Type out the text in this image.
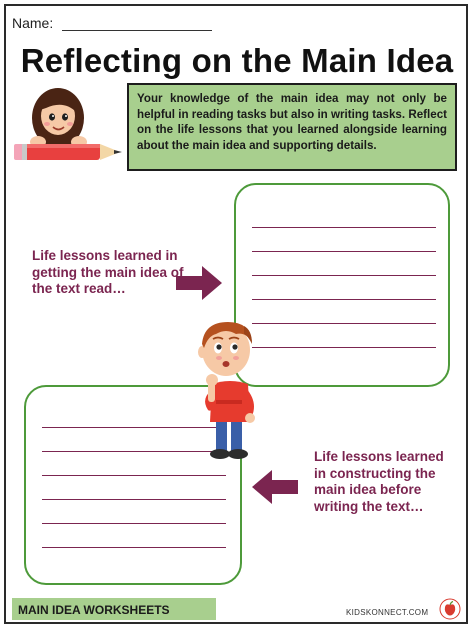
Name:
Reflecting on the Main Idea
Your knowledge of the main idea may not only be helpful in reading tasks but also in writing tasks. Reflect on the life lessons that you learned alongside learning about the main idea and supporting details.
Life lessons learned in getting the main idea of the text read…
Life lessons learned in constructing the main idea before writing the text…
MAIN IDEA WORKSHEETS	KIDSKONNECT.COM
